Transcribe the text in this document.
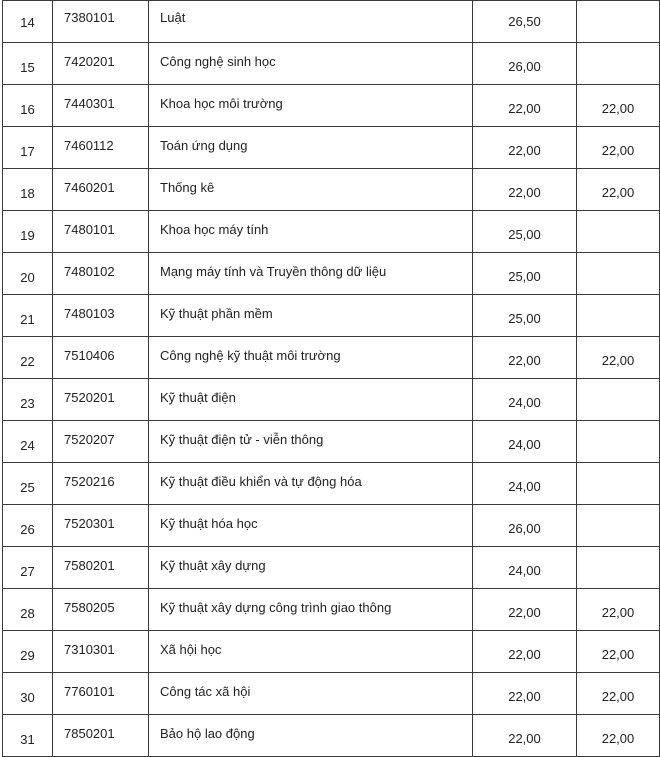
14	7380101	Luật	26,50	
15	7420201	Công nghệ sinh học	26,00	
16	7440301	Khoa học môi trường	22,00	22,00
17	7460112	Toán ứng dụng	22,00	22,00
18	7460201	Thống kê	22,00	22,00
19	7480101	Khoa học máy tính	25,00	
20	7480102	Mạng máy tính và Truyền thông dữ liệu	25,00	
21	7480103	Kỹ thuật phần mềm	25,00	
22	7510406	Công nghệ kỹ thuật môi trường	22,00	22,00
23	7520201	Kỹ thuật điện	24,00	
24	7520207	Kỹ thuật điện tử - viễn thông	24,00	
25	7520216	Kỹ thuật điều khiển và tự động hóa	24,00	
26	7520301	Kỹ thuật hóa học	26,00	
27	7580201	Kỹ thuật xây dựng	24,00	
28	7580205	Kỹ thuật xây dựng công trình giao thông	22,00	22,00
29	7310301	Xã hội học	22,00	22,00
30	7760101	Công tác xã hội	22,00	22,00
31	7850201	Bảo hộ lao động	22,00	22,00
